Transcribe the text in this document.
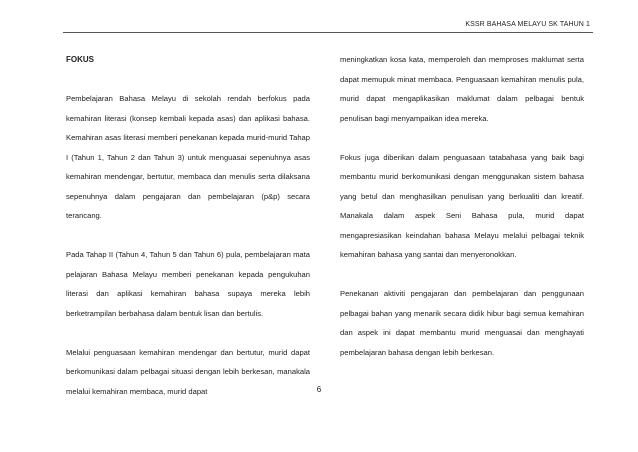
KSSR BAHASA MELAYU SK TAHUN 1
FOKUS

Pembelajaran Bahasa Melayu di sekolah rendah berfokus pada kemahiran literasi (konsep kembali kepada asas) dan aplikasi bahasa. Kemahiran asas literasi memberi penekanan kepada murid-murid Tahap I (Tahun 1, Tahun 2 dan Tahun 3) untuk menguasai sepenuhnya asas kemahiran mendengar, bertutur, membaca dan menulis serta dilaksana sepenuhnya dalam pengajaran dan pembelajaran (p&p) secara terancang.

Pada Tahap II (Tahun 4, Tahun 5 dan Tahun 6) pula, pembelajaran mata pelajaran Bahasa Melayu memberi penekanan kepada pengukuhan literasi dan aplikasi kemahiran bahasa supaya mereka lebih berketrampilan berbahasa dalam bentuk lisan dan bertulis.

Melalui penguasaan kemahiran mendengar dan bertutur, murid dapat berkomunikasi dalam pelbagai situasi dengan lebih berkesan, manakala melalui kemahiran membaca, murid dapat

meningkatkan kosa kata, memperoleh dan memproses maklumat serta dapat memupuk minat membaca. Penguasaan kemahiran menulis pula, murid dapat mengaplikasikan maklumat dalam pelbagai bentuk penulisan bagi menyampaikan idea mereka.

Fokus juga diberikan dalam penguasaan tatabahasa yang baik bagi membantu murid berkomunikasi dengan menggunakan sistem bahasa yang betul dan menghasilkan penulisan yang berkualiti dan kreatif. Manakala dalam aspek Seni Bahasa pula, murid dapat mengapresiasikan keindahan bahasa Melayu melalui pelbagai teknik kemahiran bahasa yang santai dan menyeronokkan.

Penekanan aktiviti pengajaran dan pembelajaran dan penggunaan pelbagai bahan yang menarik secara didik hibur bagi semua kemahiran dan aspek ini dapat membantu murid menguasai dan menghayati pembelajaran bahasa dengan lebih berkesan.

6
